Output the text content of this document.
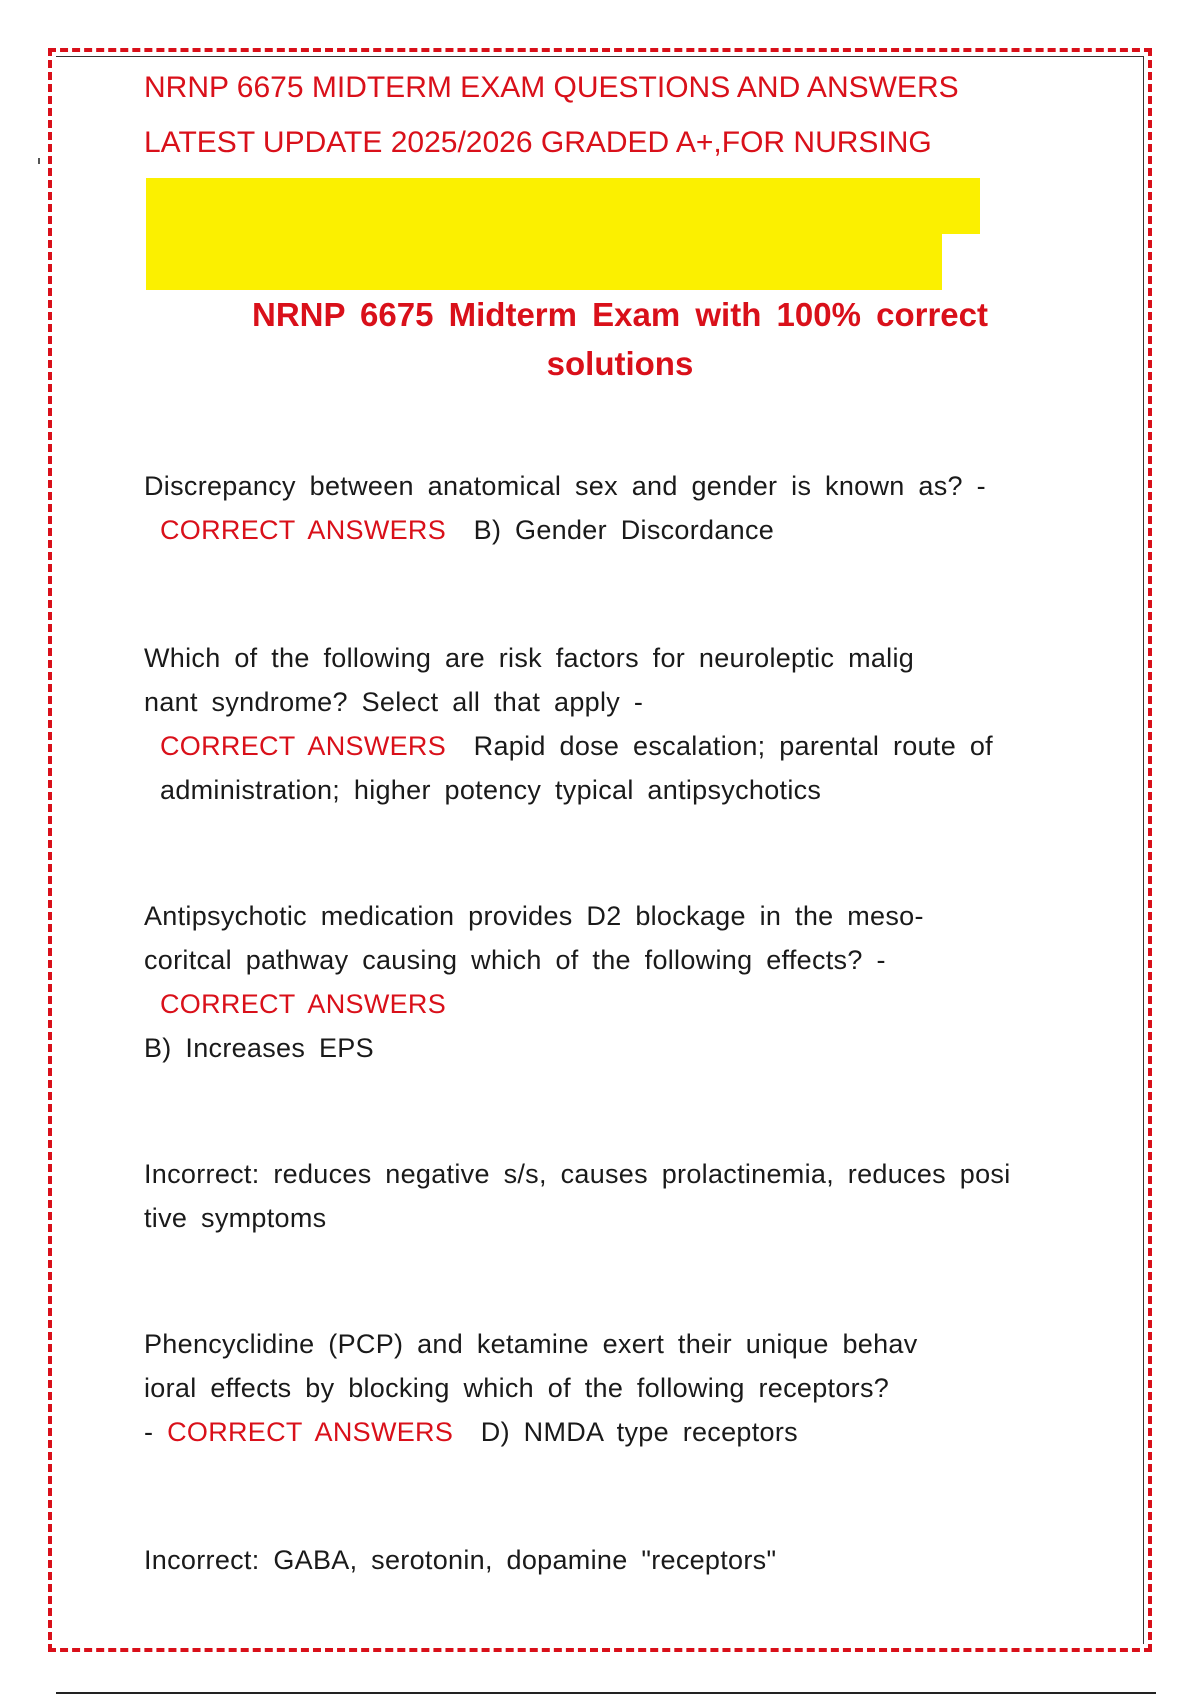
NRNP 6675 MIDTERM EXAM QUESTIONS AND ANSWERS
LATEST UPDATE 2025/2026 GRADED A+,FOR NURSING
NRNP 6675 Midterm Exam with 100% correct
solutions
Discrepancy between anatomical sex and gender is known as? -
CORRECT ANSWERS B) Gender Discordance
Which of the following are risk factors for neuroleptic malig
nant syndrome? Select all that apply -
CORRECT ANSWERS Rapid dose escalation; parental route of
administration; higher potency typical antipsychotics
Antipsychotic medication provides D2 blockage in the meso-
coritcal pathway causing which of the following effects? -
CORRECT ANSWERS
B) Increases EPS
Incorrect: reduces negative s/s, causes prolactinemia, reduces posi
tive symptoms
Phencyclidine (PCP) and ketamine exert their unique behav
ioral effects by blocking which of the following receptors?
- CORRECT ANSWERS D) NMDA type receptors
Incorrect: GABA, serotonin, dopamine "receptors"
